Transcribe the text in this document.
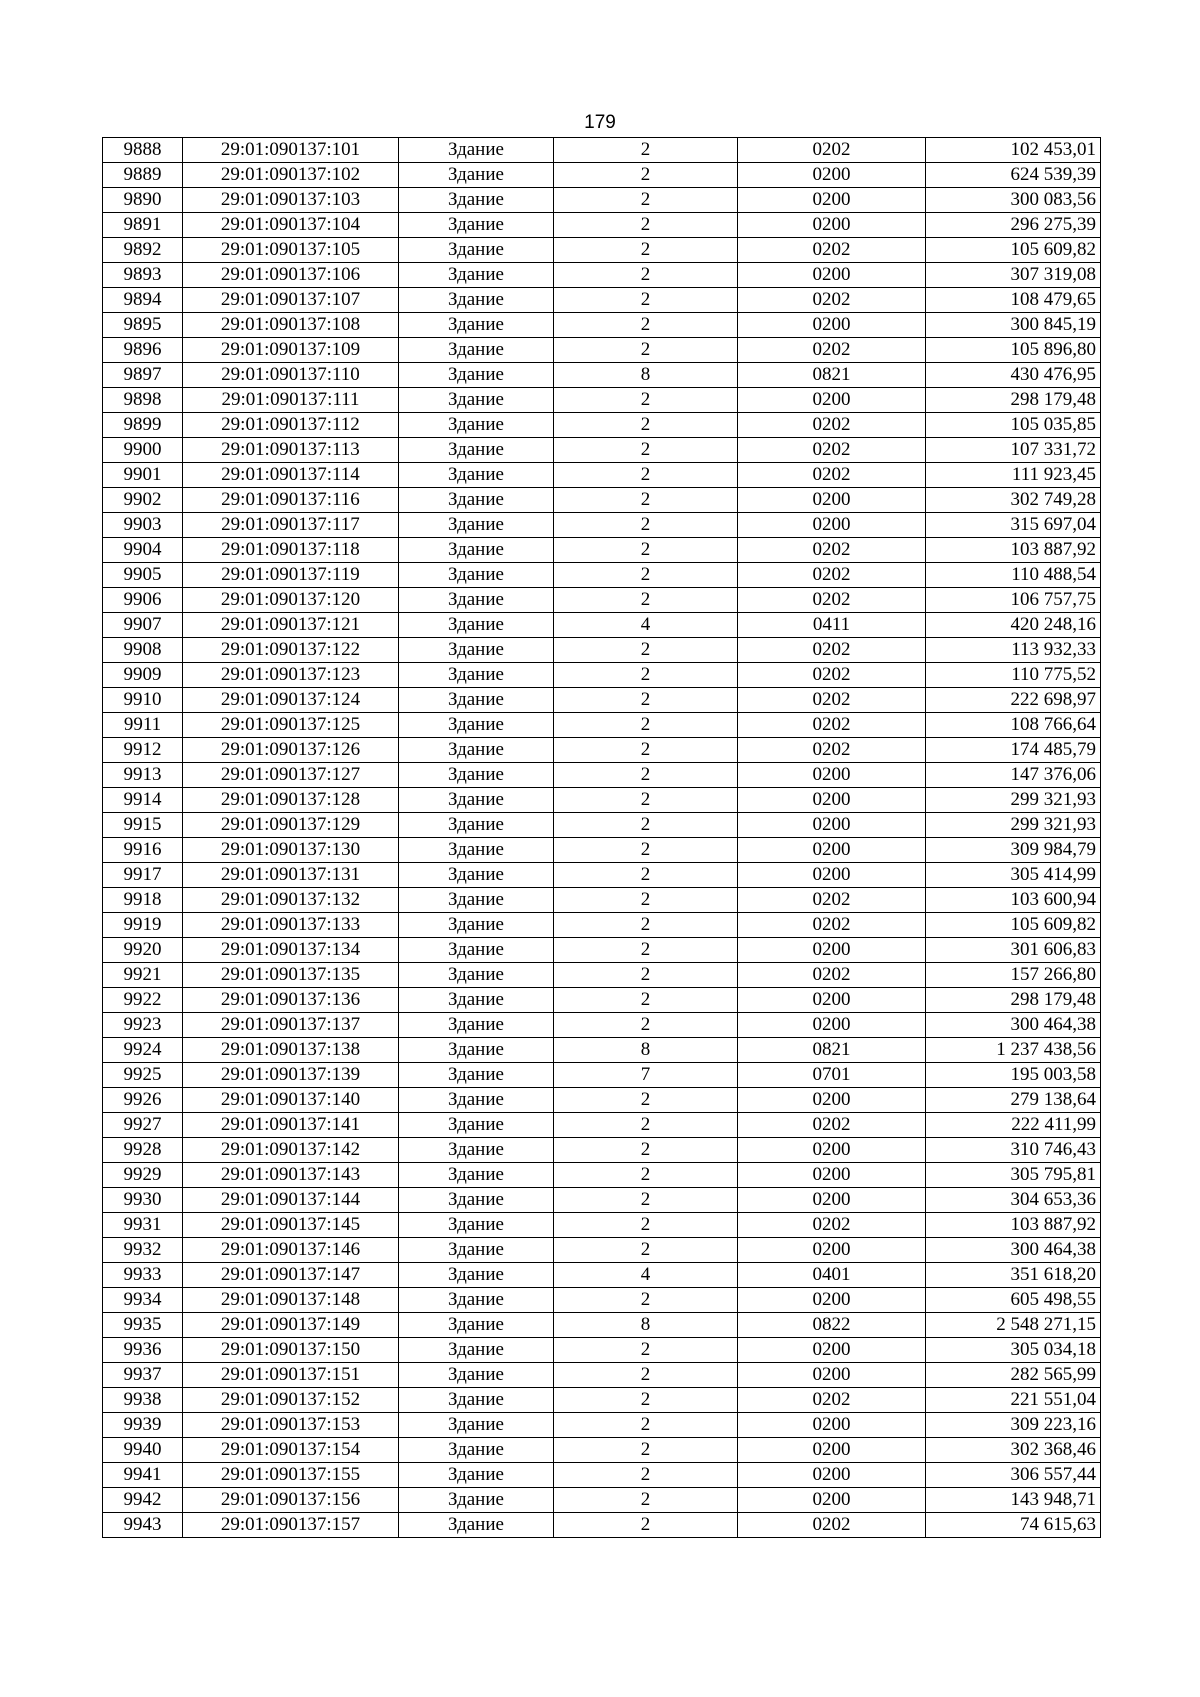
179
9888	29:01:090137:101	Здание	2	0202	102 453,01
9889	29:01:090137:102	Здание	2	0200	624 539,39
9890	29:01:090137:103	Здание	2	0200	300 083,56
9891	29:01:090137:104	Здание	2	0200	296 275,39
9892	29:01:090137:105	Здание	2	0202	105 609,82
9893	29:01:090137:106	Здание	2	0200	307 319,08
9894	29:01:090137:107	Здание	2	0202	108 479,65
9895	29:01:090137:108	Здание	2	0200	300 845,19
9896	29:01:090137:109	Здание	2	0202	105 896,80
9897	29:01:090137:110	Здание	8	0821	430 476,95
9898	29:01:090137:111	Здание	2	0200	298 179,48
9899	29:01:090137:112	Здание	2	0202	105 035,85
9900	29:01:090137:113	Здание	2	0202	107 331,72
9901	29:01:090137:114	Здание	2	0202	111 923,45
9902	29:01:090137:116	Здание	2	0200	302 749,28
9903	29:01:090137:117	Здание	2	0200	315 697,04
9904	29:01:090137:118	Здание	2	0202	103 887,92
9905	29:01:090137:119	Здание	2	0202	110 488,54
9906	29:01:090137:120	Здание	2	0202	106 757,75
9907	29:01:090137:121	Здание	4	0411	420 248,16
9908	29:01:090137:122	Здание	2	0202	113 932,33
9909	29:01:090137:123	Здание	2	0202	110 775,52
9910	29:01:090137:124	Здание	2	0202	222 698,97
9911	29:01:090137:125	Здание	2	0202	108 766,64
9912	29:01:090137:126	Здание	2	0202	174 485,79
9913	29:01:090137:127	Здание	2	0200	147 376,06
9914	29:01:090137:128	Здание	2	0200	299 321,93
9915	29:01:090137:129	Здание	2	0200	299 321,93
9916	29:01:090137:130	Здание	2	0200	309 984,79
9917	29:01:090137:131	Здание	2	0200	305 414,99
9918	29:01:090137:132	Здание	2	0202	103 600,94
9919	29:01:090137:133	Здание	2	0202	105 609,82
9920	29:01:090137:134	Здание	2	0200	301 606,83
9921	29:01:090137:135	Здание	2	0202	157 266,80
9922	29:01:090137:136	Здание	2	0200	298 179,48
9923	29:01:090137:137	Здание	2	0200	300 464,38
9924	29:01:090137:138	Здание	8	0821	1 237 438,56
9925	29:01:090137:139	Здание	7	0701	195 003,58
9926	29:01:090137:140	Здание	2	0200	279 138,64
9927	29:01:090137:141	Здание	2	0202	222 411,99
9928	29:01:090137:142	Здание	2	0200	310 746,43
9929	29:01:090137:143	Здание	2	0200	305 795,81
9930	29:01:090137:144	Здание	2	0200	304 653,36
9931	29:01:090137:145	Здание	2	0202	103 887,92
9932	29:01:090137:146	Здание	2	0200	300 464,38
9933	29:01:090137:147	Здание	4	0401	351 618,20
9934	29:01:090137:148	Здание	2	0200	605 498,55
9935	29:01:090137:149	Здание	8	0822	2 548 271,15
9936	29:01:090137:150	Здание	2	0200	305 034,18
9937	29:01:090137:151	Здание	2	0200	282 565,99
9938	29:01:090137:152	Здание	2	0202	221 551,04
9939	29:01:090137:153	Здание	2	0200	309 223,16
9940	29:01:090137:154	Здание	2	0200	302 368,46
9941	29:01:090137:155	Здание	2	0200	306 557,44
9942	29:01:090137:156	Здание	2	0200	143 948,71
9943	29:01:090137:157	Здание	2	0202	74 615,63
